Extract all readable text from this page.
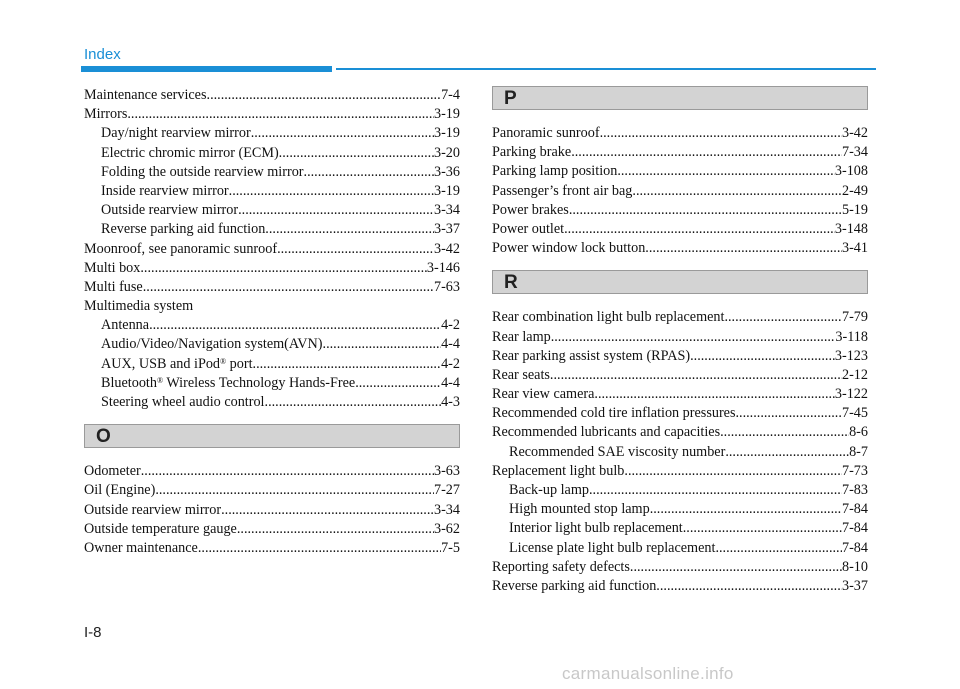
Index
Maintenance services .....	7-4
Mirrors .....	3-19
Day/night rearview mirror .....	3-19
Electric chromic mirror (ECM) .....	3-20
Folding the outside rearview mirror .....	3-36
Inside rearview mirror .....	3-19
Outside rearview mirror .....	3-34
Reverse parking aid function .....	3-37
Moonroof, see panoramic sunroof .....	3-42
Multi box .....	3-146
Multi fuse .....	7-63
Multimedia system
Antenna .....	4-2
Audio/Video/Navigation system(AVN) .....	4-4
AUX, USB and iPod® port .....	4-2
Bluetooth® Wireless Technology Hands-Free .....	4-4
Steering wheel audio control .....	4-3
O
Odometer .....	3-63
Oil (Engine) .....	7-27
Outside rearview mirror .....	3-34
Outside temperature gauge .....	3-62
Owner maintenance .....	7-5
P
Panoramic sunroof .....	3-42
Parking brake .....	7-34
Parking lamp position .....	3-108
Passenger’s front air bag .....	2-49
Power brakes .....	5-19
Power outlet .....	3-148
Power window lock button .....	3-41
R
Rear combination light bulb replacement .....	7-79
Rear lamp .....	3-118
Rear parking assist system (RPAS) .....	3-123
Rear seats .....	2-12
Rear view camera .....	3-122
Recommended cold tire inflation pressures .....	7-45
Recommended lubricants and capacities .....	8-6
Recommended SAE viscosity number .....	8-7
Replacement light bulb .....	7-73
Back-up lamp .....	7-83
High mounted stop lamp .....	7-84
Interior light bulb replacement .....	7-84
License plate light bulb replacement .....	7-84
Reporting safety defects .....	8-10
Reverse parking aid function .....	3-37
I-8
carmanualsonline.info
